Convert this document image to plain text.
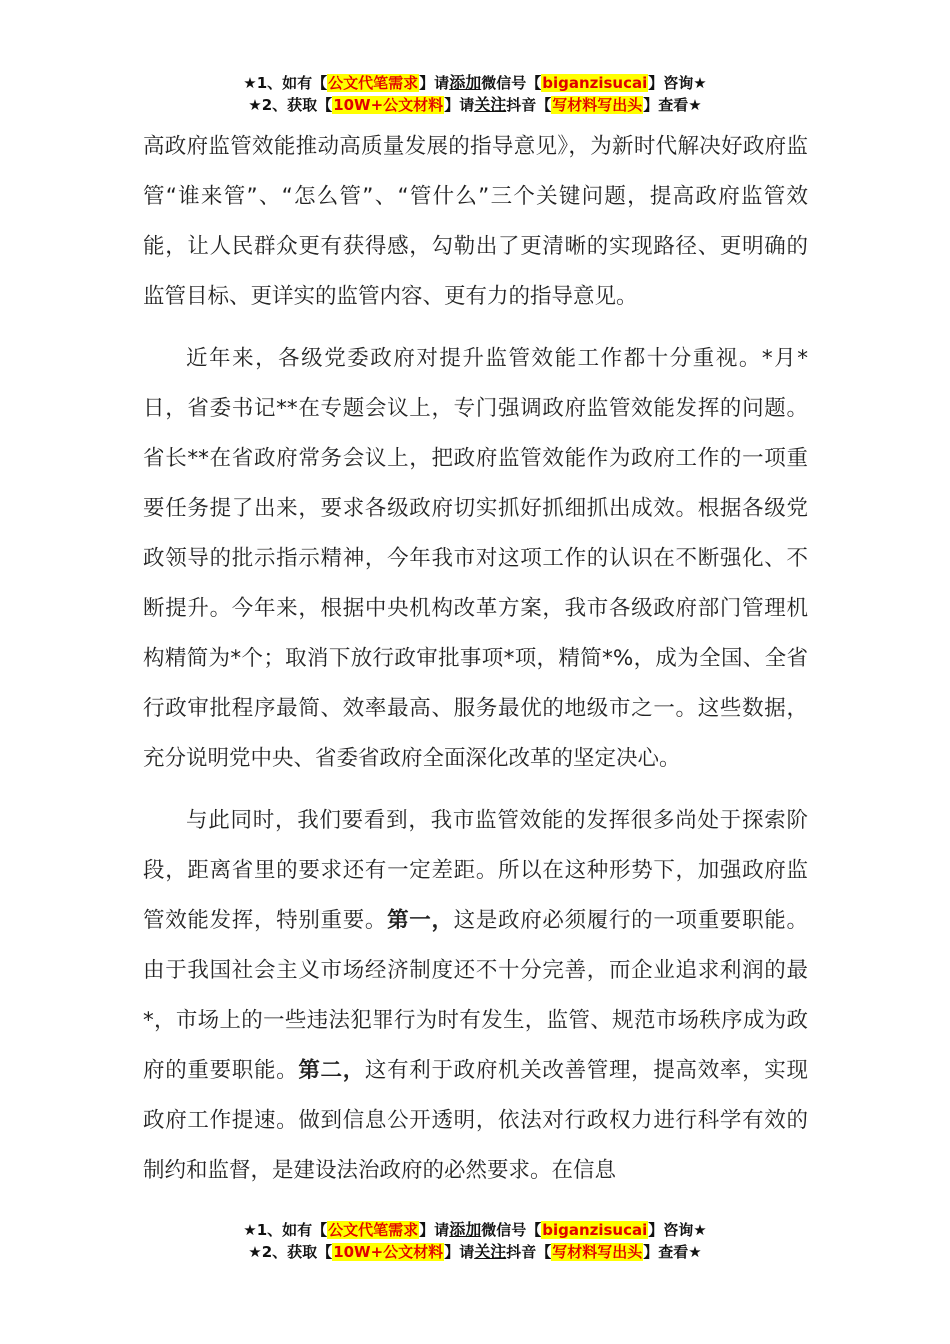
★1、如有【公文代笔需求】请添加微信号【biganzisucai】咨询★
★2、获取【10W+公文材料】请关注抖音【写材料写出头】查看★

高政府监管效能推动高质量发展的指导意见》，为新时代解决好政府监管“谁来管”、“怎么管”、“管什么”三个关键问题，提高政府监管效能，让人民群众更有获得感，勾勒出了更清晰的实现路径、更明确的监管目标、更详实的监管内容、更有力的指导意见。

近年来，各级党委政府对提升监管效能工作都十分重视。*月*日，省委书记**在专题会议上，专门强调政府监管效能发挥的问题。省长**在省政府常务会议上，把政府监管效能作为政府工作的一项重要任务提了出来，要求各级政府切实抓好抓细抓出成效。根据各级党政领导的批示指示精神，今年我市对这项工作的认识在不断强化、不断提升。今年来，根据中央机构改革方案，我市各级政府部门管理机构精简为*个；取消下放行政审批事项*项，精简*%，成为全国、全省行政审批程序最简、效率最高、服务最优的地级市之一。这些数据，充分说明党中央、省委省政府全面深化改革的坚定决心。

与此同时，我们要看到，我市监管效能的发挥很多尚处于探索阶段，距离省里的要求还有一定差距。所以在这种形势下，加强政府监管效能发挥，特别重要。第一，这是政府必须履行的一项重要职能。由于我国社会主义市场经济制度还不十分完善，而企业追求利润的最*，市场上的一些违法犯罪行为时有发生，监管、规范市场秩序成为政府的重要职能。第二，这有利于政府机关改善管理，提高效率，实现政府工作提速。做到信息公开透明，依法对行政权力进行科学有效的制约和监督，是建设法治政府的必然要求。在信息

★1、如有【公文代笔需求】请添加微信号【biganzisucai】咨询★
★2、获取【10W+公文材料】请关注抖音【写材料写出头】查看★
